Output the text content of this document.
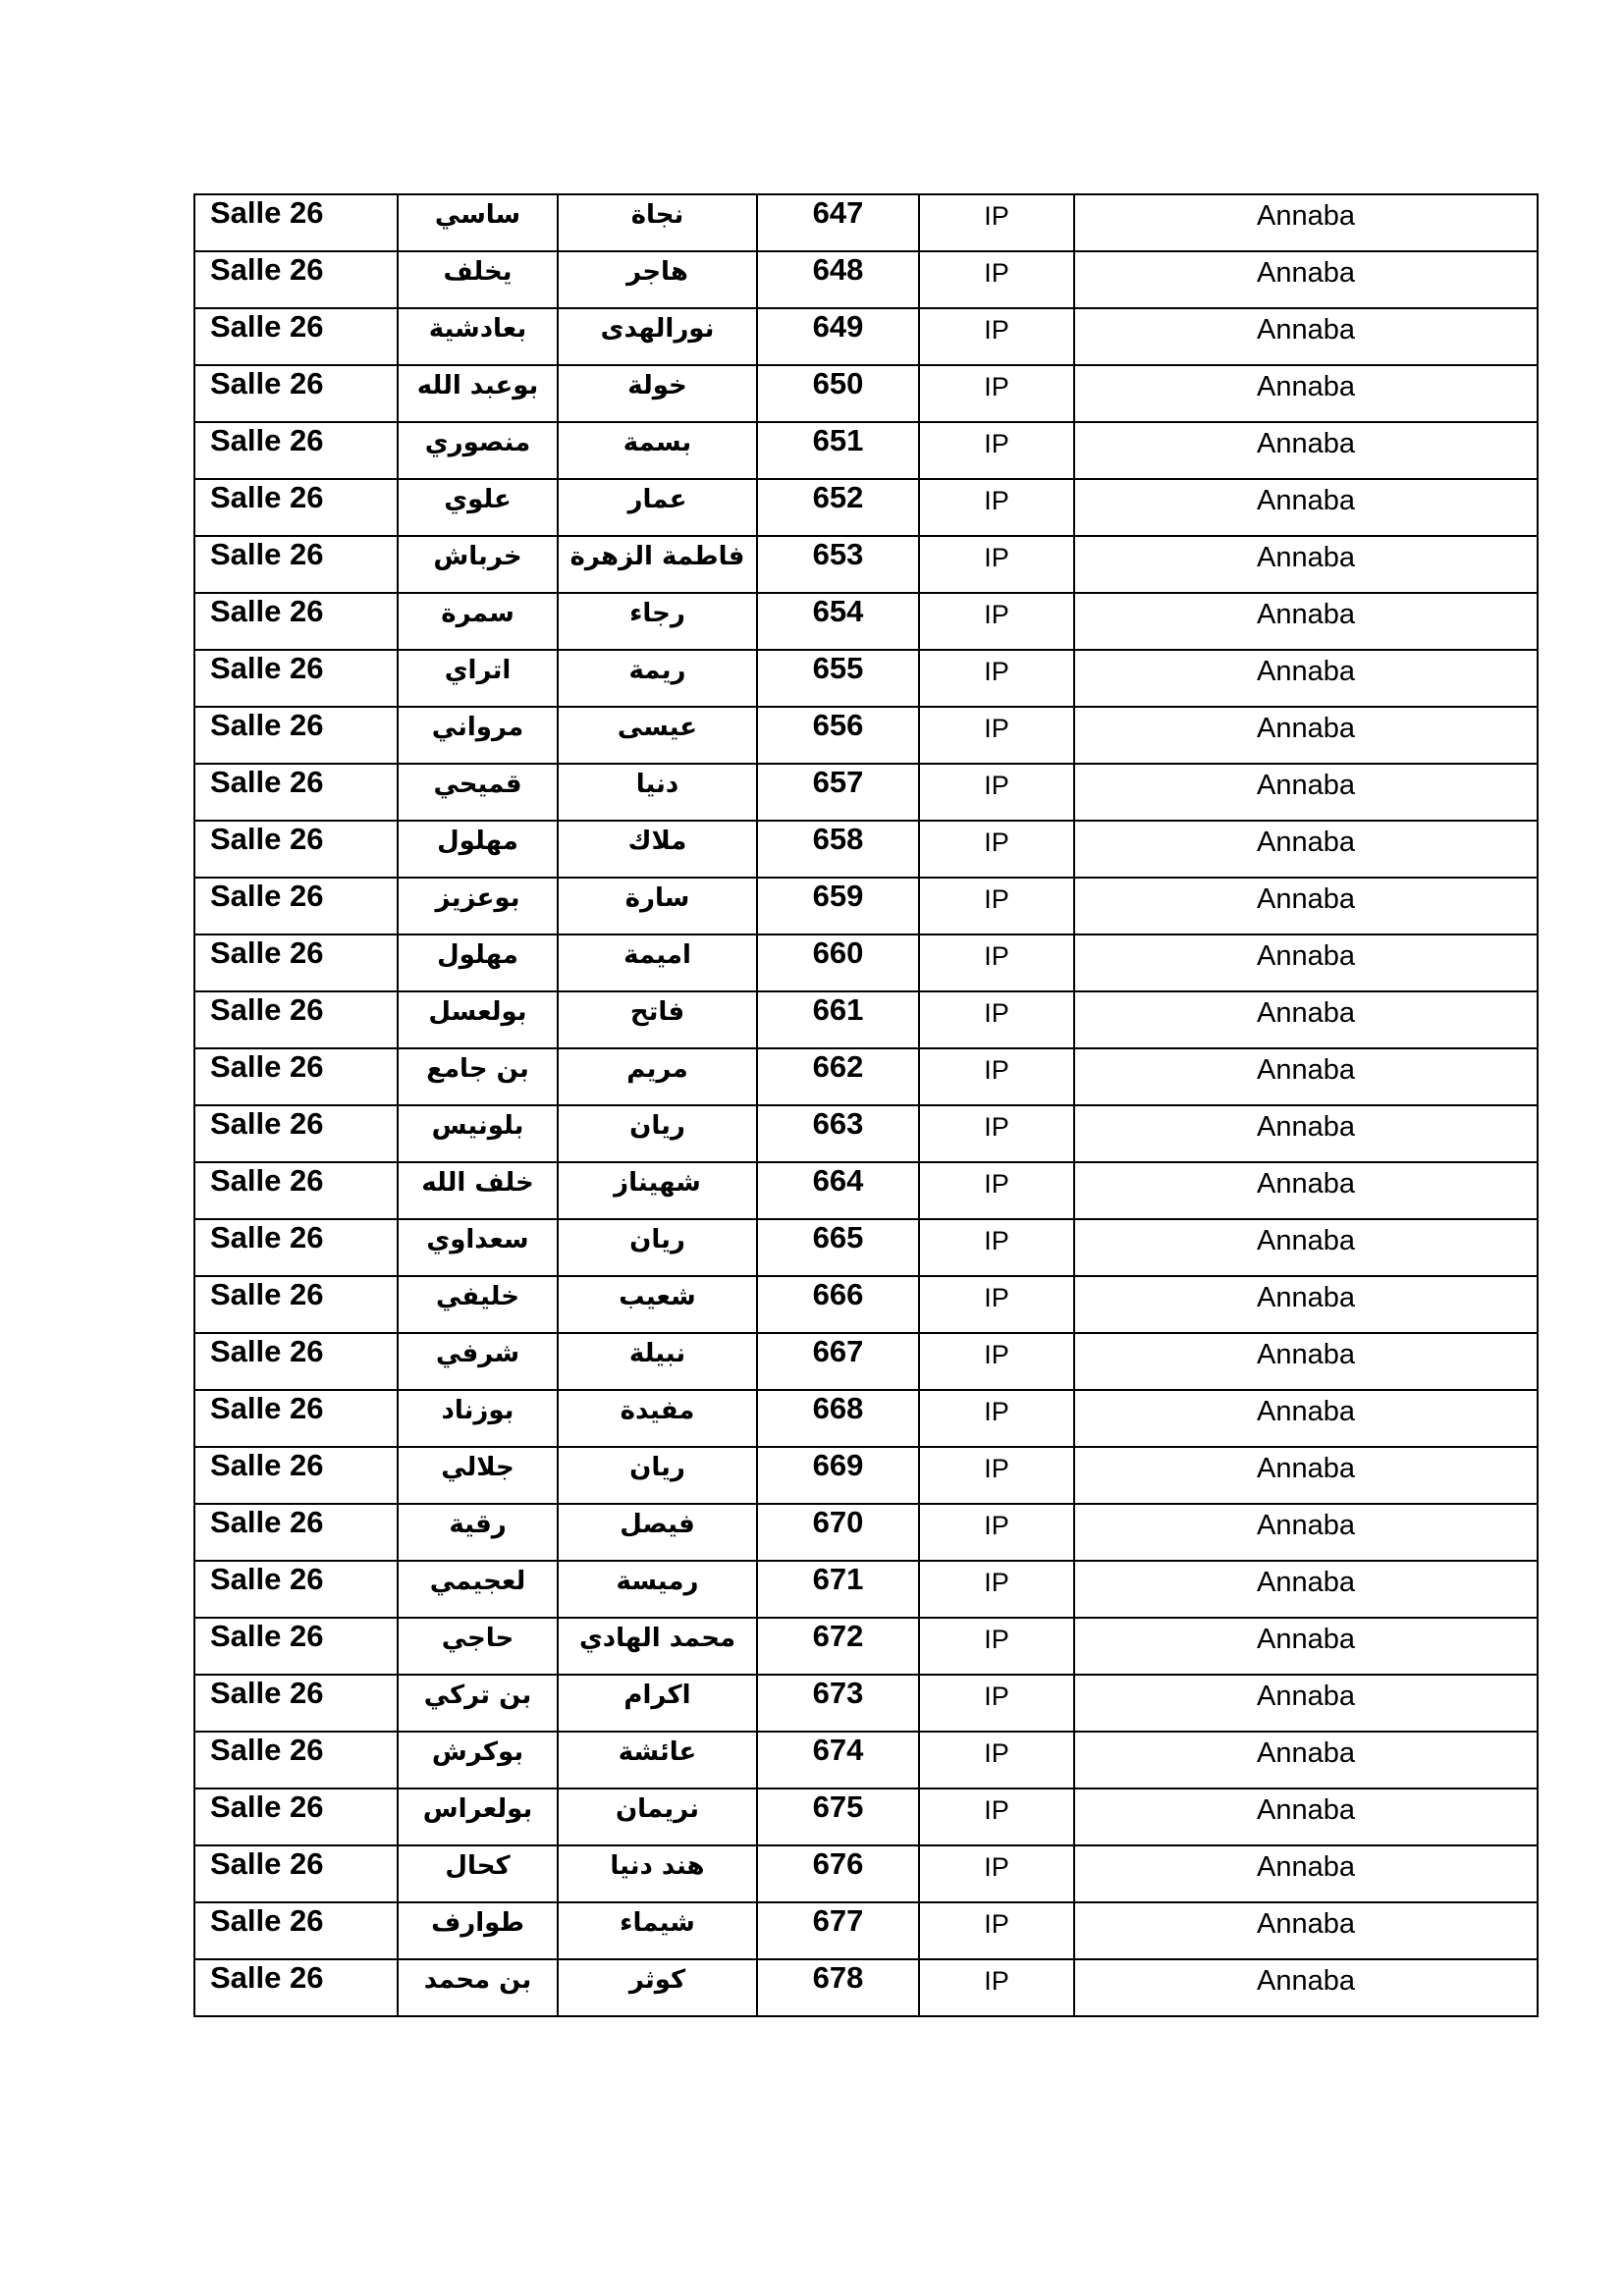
Salle 26	ساسي	نجاة	647	IP	Annaba

Salle 26	يخلف	هاجر	648	IP	Annaba

Salle 26	بعادشية	نورالهدى	649	IP	Annaba

Salle 26	بوعبد الله	خولة	650	IP	Annaba

Salle 26	منصوري	بسمة	651	IP	Annaba

Salle 26	علوي	عمار	652	IP	Annaba

Salle 26	خرباش	فاطمة الزهرة	653	IP	Annaba

Salle 26	سمرة	رجاء	654	IP	Annaba

Salle 26	اتراي	ريمة	655	IP	Annaba

Salle 26	مرواني	عيسى	656	IP	Annaba

Salle 26	قميحي	دنيا	657	IP	Annaba

Salle 26	مهلول	ملاك	658	IP	Annaba

Salle 26	بوعزيز	سارة	659	IP	Annaba

Salle 26	مهلول	اميمة	660	IP	Annaba

Salle 26	بولعسل	فاتح	661	IP	Annaba

Salle 26	بن جامع	مريم	662	IP	Annaba

Salle 26	بلونيس	ريان	663	IP	Annaba

Salle 26	خلف الله	شهيناز	664	IP	Annaba

Salle 26	سعداوي	ريان	665	IP	Annaba

Salle 26	خليفي	شعيب	666	IP	Annaba

Salle 26	شرفي	نبيلة	667	IP	Annaba

Salle 26	بوزناد	مفيدة	668	IP	Annaba

Salle 26	جلالي	ريان	669	IP	Annaba

Salle 26	رقية	فيصل	670	IP	Annaba

Salle 26	لعجيمي	رميسة	671	IP	Annaba

Salle 26	حاجي	محمد الهادي	672	IP	Annaba

Salle 26	بن تركي	اكرام	673	IP	Annaba

Salle 26	بوكرش	عائشة	674	IP	Annaba

Salle 26	بولعراس	نريمان	675	IP	Annaba

Salle 26	كحال	هند دنيا	676	IP	Annaba

Salle 26	طوارف	شيماء	677	IP	Annaba

Salle 26	بن محمد	كوثر	678	IP	Annaba
